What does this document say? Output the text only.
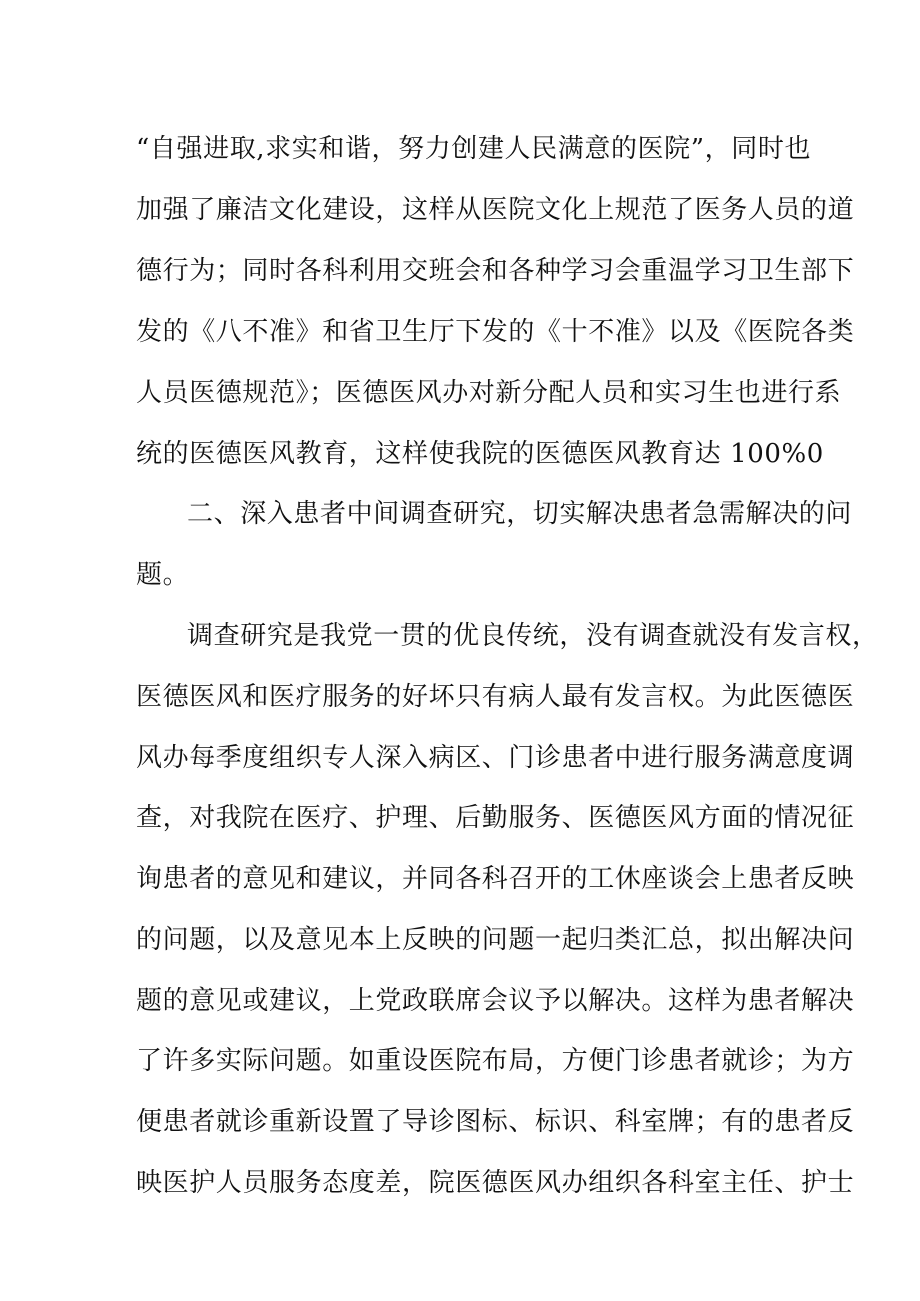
“自强进取,求实和谐，努力创建人民满意的医院”，同时也
加强了廉洁文化建设，这样从医院文化上规范了医务人员的道
德行为；同时各科利用交班会和各种学习会重温学习卫生部下
发的《八不准》和省卫生厅下发的《十不准》以及《医院各类
人员医德规范》；医德医风办对新分配人员和实习生也进行系
统的医德医风教育，这样使我院的医德医风教育达 100%0
二、深入患者中间调查研究，切实解决患者急需解决的问
题。
调查研究是我党一贯的优良传统，没有调查就没有发言权，
医德医风和医疗服务的好坏只有病人最有发言权。为此医德医
风办每季度组织专人深入病区、门诊患者中进行服务满意度调
查，对我院在医疗、护理、后勤服务、医德医风方面的情况征
询患者的意见和建议，并同各科召开的工休座谈会上患者反映
的问题，以及意见本上反映的问题一起归类汇总，拟出解决问
题的意见或建议，上党政联席会议予以解决。这样为患者解决
了许多实际问题。如重设医院布局，方便门诊患者就诊；为方
便患者就诊重新设置了导诊图标、标识、科室牌；有的患者反
映医护人员服务态度差，院医德医风办组织各科室主任、护士
